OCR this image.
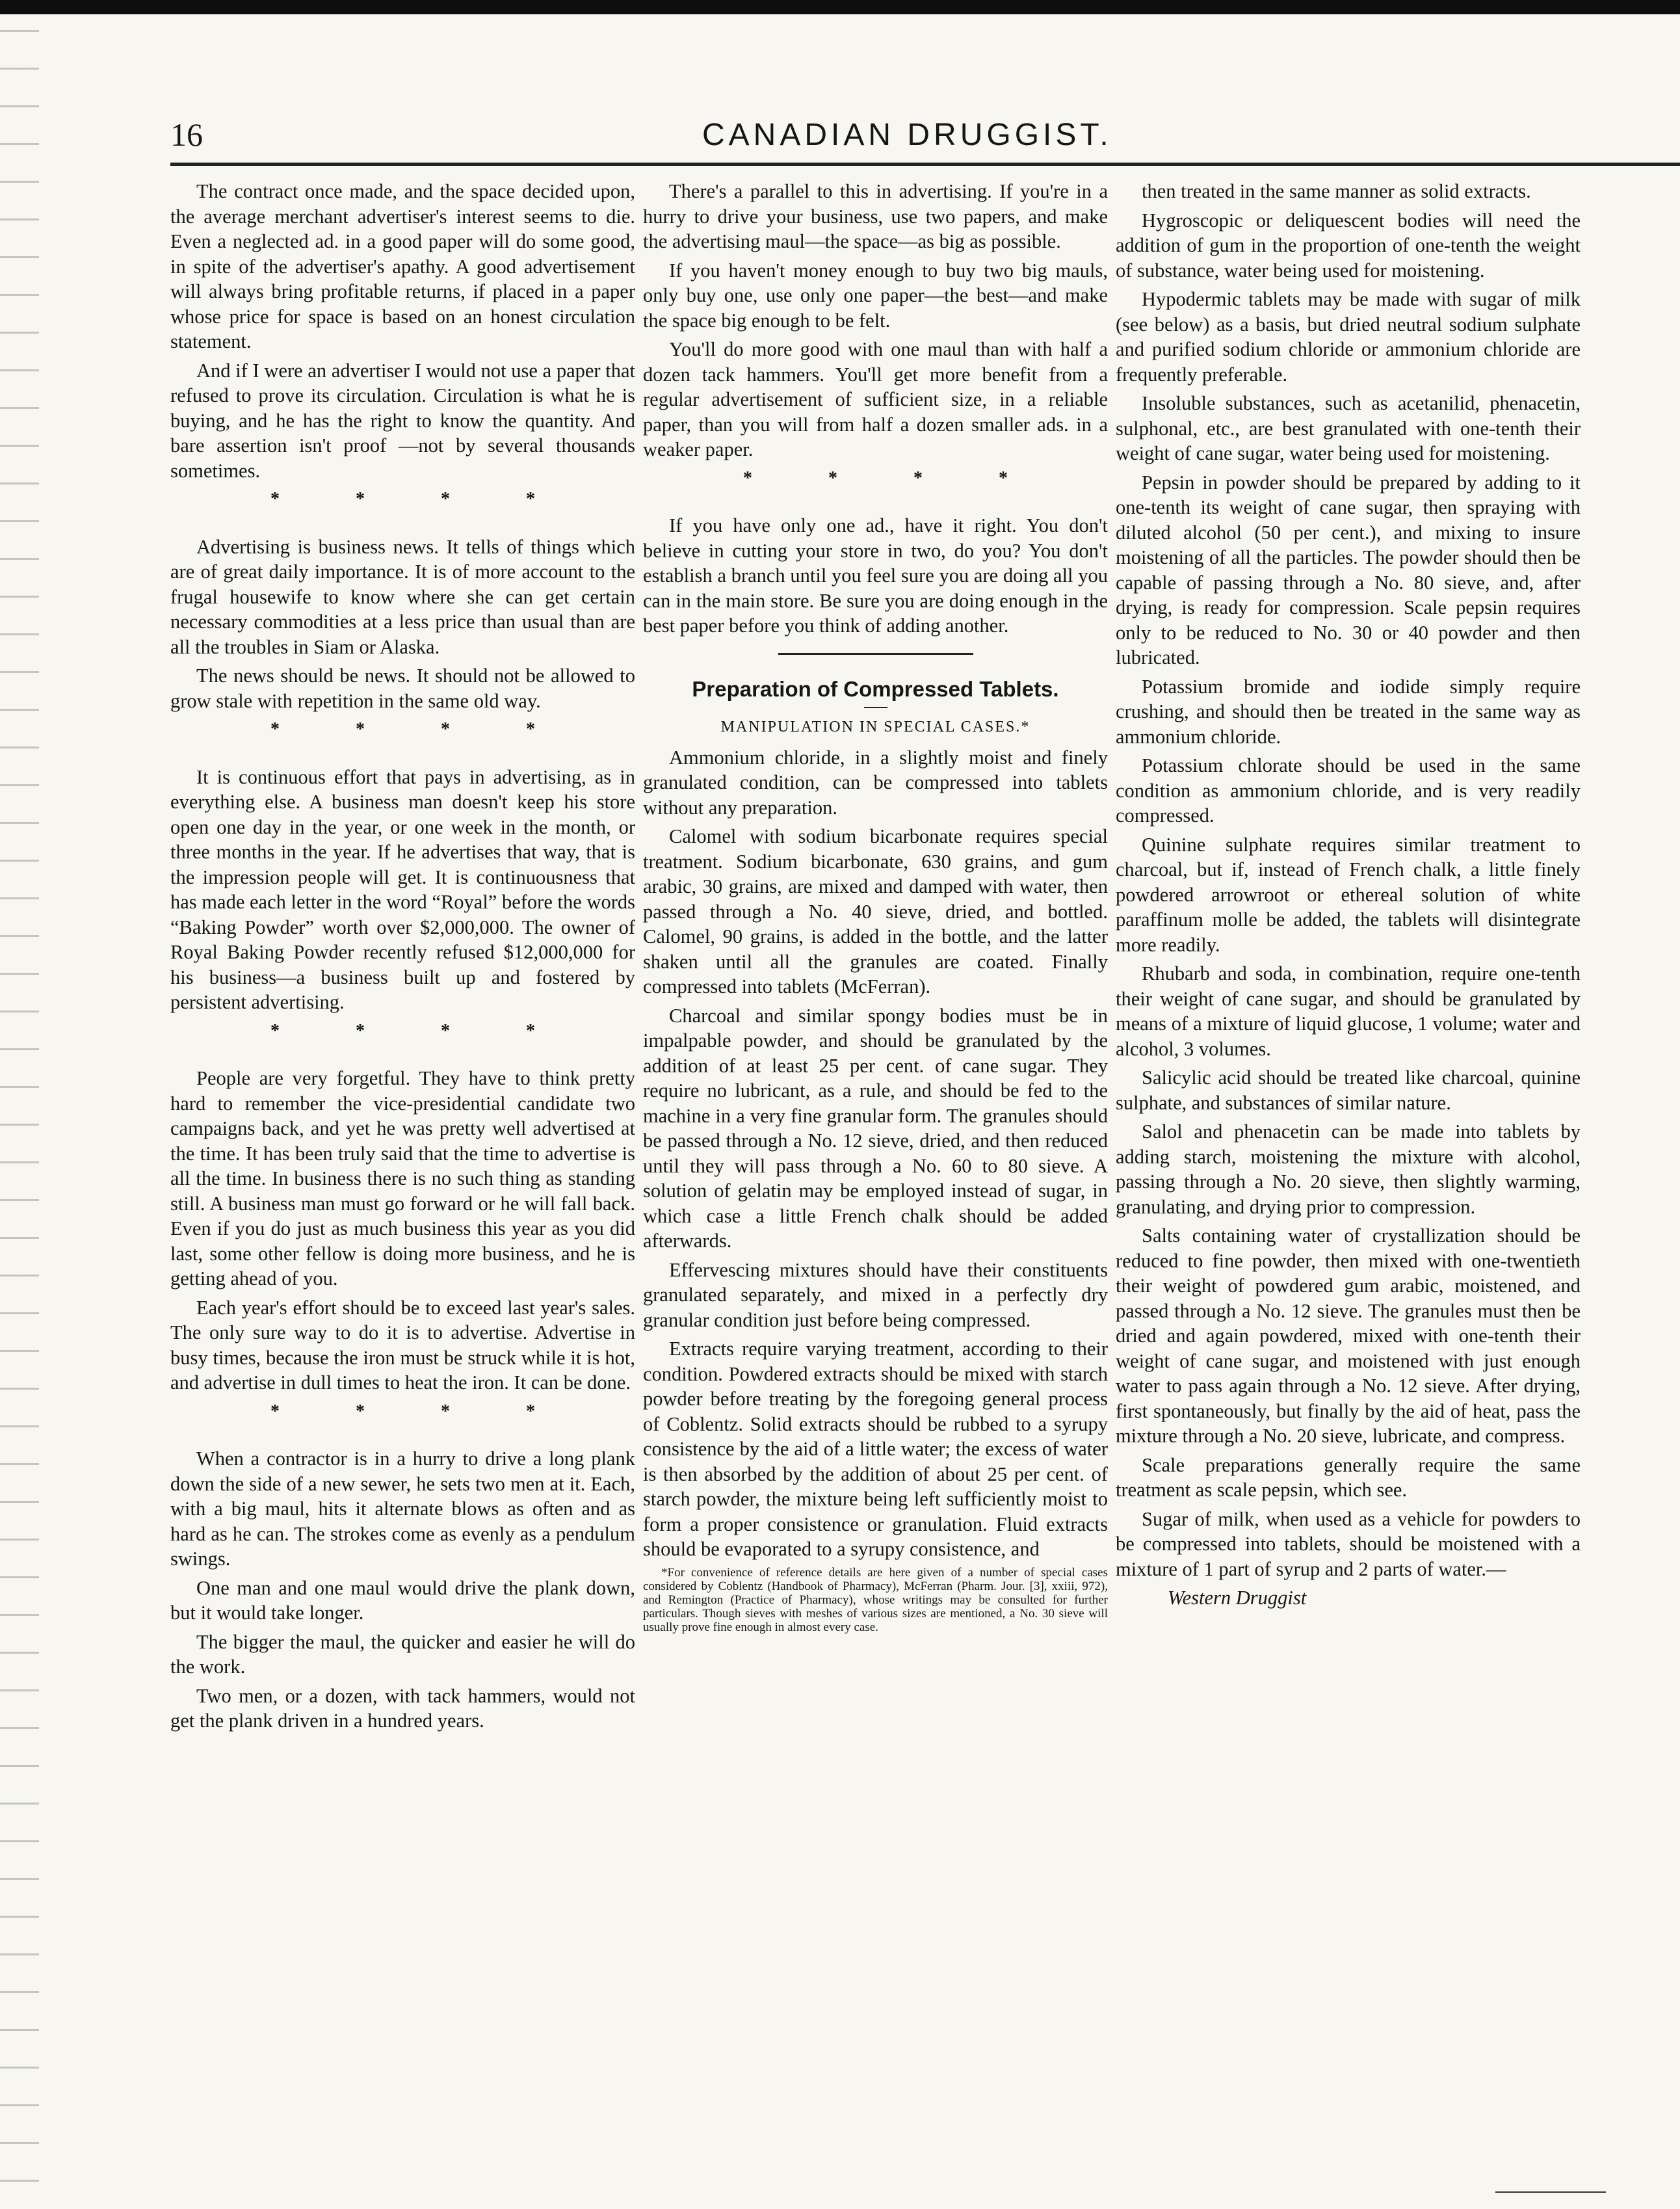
16	CANADIAN DRUGGIST.

The contract once made, and the space decided upon, the average merchant advertiser's interest seems to die. Even a neglected ad. in a good paper will do some good, in spite of the advertiser's apathy. A good advertisement will always bring profitable returns, if placed in a paper whose price for space is based on an honest circulation statement.

And if I were an advertiser I would not use a paper that refused to prove its circulation. Circulation is what he is buying, and he has the right to know the quantity. And bare assertion isn't proof —not by several thousands sometimes.

* * * *

Advertising is business news. It tells of things which are of great daily importance. It is of more account to the frugal housewife to know where she can get certain necessary commodities at a less price than usual than are all the troubles in Siam or Alaska.

The news should be news. It should not be allowed to grow stale with repetition in the same old way.

* * * *

It is continuous effort that pays in advertising, as in everything else. A business man doesn't keep his store open one day in the year, or one week in the month, or three months in the year. If he advertises that way, that is the impression people will get. It is continuousness that has made each letter in the word “Royal” before the words “Baking Powder” worth over $2,000,000. The owner of Royal Baking Powder recently refused $12,000,000 for his business—a business built up and fostered by persistent advertising.

* * * *

People are very forgetful. They have to think pretty hard to remember the vice-presidential candidate two campaigns back, and yet he was pretty well advertised at the time. It has been truly said that the time to advertise is all the time. In business there is no such thing as standing still. A business man must go forward or he will fall back. Even if you do just as much business this year as you did last, some other fellow is doing more business, and he is getting ahead of you.

Each year's effort should be to exceed last year's sales. The only sure way to do it is to advertise. Advertise in busy times, because the iron must be struck while it is hot, and advertise in dull times to heat the iron. It can be done.

* * * *

When a contractor is in a hurry to drive a long plank down the side of a new sewer, he sets two men at it. Each, with a big maul, hits it alternate blows as often and as hard as he can. The strokes come as evenly as a pendulum swings.

One man and one maul would drive the plank down, but it would take longer.

The bigger the maul, the quicker and easier he will do the work.

Two men, or a dozen, with tack hammers, would not get the plank driven in a hundred years.

There's a parallel to this in advertising. If you're in a hurry to drive your business, use two papers, and make the advertising maul—the space—as big as possible.

If you haven't money enough to buy two big mauls, only buy one, use only one paper—the best—and make the space big enough to be felt.

You'll do more good with one maul than with half a dozen tack hammers. You'll get more benefit from a regular advertisement of sufficient size, in a reliable paper, than you will from half a dozen smaller ads. in a weaker paper.

* * * *

If you have only one ad., have it right. You don't believe in cutting your store in two, do you? You don't establish a branch until you feel sure you are doing all you can in the main store. Be sure you are doing enough in the best paper before you think of adding another.

Preparation of Compressed Tablets.
MANIPULATION IN SPECIAL CASES.*

Ammonium chloride, in a slightly moist and finely granulated condition, can be compressed into tablets without any preparation.

Calomel with sodium bicarbonate requires special treatment. Sodium bicarbonate, 630 grains, and gum arabic, 30 grains, are mixed and damped with water, then passed through a No. 40 sieve, dried, and bottled. Calomel, 90 grains, is added in the bottle, and the latter shaken until all the granules are coated. Finally compressed into tablets (McFerran).

Charcoal and similar spongy bodies must be in impalpable powder, and should be granulated by the addition of at least 25 per cent. of cane sugar. They require no lubricant, as a rule, and should be fed to the machine in a very fine granular form. The granules should be passed through a No. 12 sieve, dried, and then reduced until they will pass through a No. 60 to 80 sieve. A solution of gelatin may be employed instead of sugar, in which case a little French chalk should be added afterwards.

Effervescing mixtures should have their constituents granulated separately, and mixed in a perfectly dry granular condition just before being compressed.

Extracts require varying treatment, according to their condition. Powdered extracts should be mixed with starch powder before treating by the foregoing general process of Coblentz. Solid extracts should be rubbed to a syrupy consistence by the aid of a little water; the excess of water is then absorbed by the addition of about 25 per cent. of starch powder, the mixture being left sufficiently moist to form a proper consistence or granulation. Fluid extracts should be evaporated to a syrupy consistence, and

*For convenience of reference details are here given of a number of special cases considered by Coblentz (Handbook of Pharmacy), McFerran (Pharm. Jour. [3], xxiii, 972), and Remington (Practice of Pharmacy), whose writings may be consulted for further particulars. Though sieves with meshes of various sizes are mentioned, a No. 30 sieve will usually prove fine enough in almost every case.

then treated in the same manner as solid extracts.

Hygroscopic or deliquescent bodies will need the addition of gum in the proportion of one-tenth the weight of substance, water being used for moistening.

Hypodermic tablets may be made with sugar of milk (see below) as a basis, but dried neutral sodium sulphate and purified sodium chloride or ammonium chloride are frequently preferable.

Insoluble substances, such as acetanilid, phenacetin, sulphonal, etc., are best granulated with one-tenth their weight of cane sugar, water being used for moistening.

Pepsin in powder should be prepared by adding to it one-tenth its weight of cane sugar, then spraying with diluted alcohol (50 per cent.), and mixing to insure moistening of all the particles. The powder should then be capable of passing through a No. 80 sieve, and, after drying, is ready for compression. Scale pepsin requires only to be reduced to No. 30 or 40 powder and then lubricated.

Potassium bromide and iodide simply require crushing, and should then be treated in the same way as ammonium chloride.

Potassium chlorate should be used in the same condition as ammonium chloride, and is very readily compressed.

Quinine sulphate requires similar treatment to charcoal, but if, instead of French chalk, a little finely powdered arrowroot or ethereal solution of white paraffinum molle be added, the tablets will disintegrate more readily.

Rhubarb and soda, in combination, require one-tenth their weight of cane sugar, and should be granulated by means of a mixture of liquid glucose, 1 volume; water and alcohol, 3 volumes.

Salicylic acid should be treated like charcoal, quinine sulphate, and substances of similar nature.

Salol and phenacetin can be made into tablets by adding starch, moistening the mixture with alcohol, passing through a No. 20 sieve, then slightly warming, granulating, and drying prior to compression.

Salts containing water of crystallization should be reduced to fine powder, then mixed with one-twentieth their weight of powdered gum arabic, moistened, and passed through a No. 12 sieve. The granules must then be dried and again powdered, mixed with one-tenth their weight of cane sugar, and moistened with just enough water to pass again through a No. 12 sieve. After drying, first spontaneously, but finally by the aid of heat, pass the mixture through a No. 20 sieve, lubricate, and compress.

Scale preparations generally require the same treatment as scale pepsin, which see.

Sugar of milk, when used as a vehicle for powders to be compressed into tablets, should be moistened with a mixture of 1 part of syrup and 2 parts of water.—

Western Druggist
